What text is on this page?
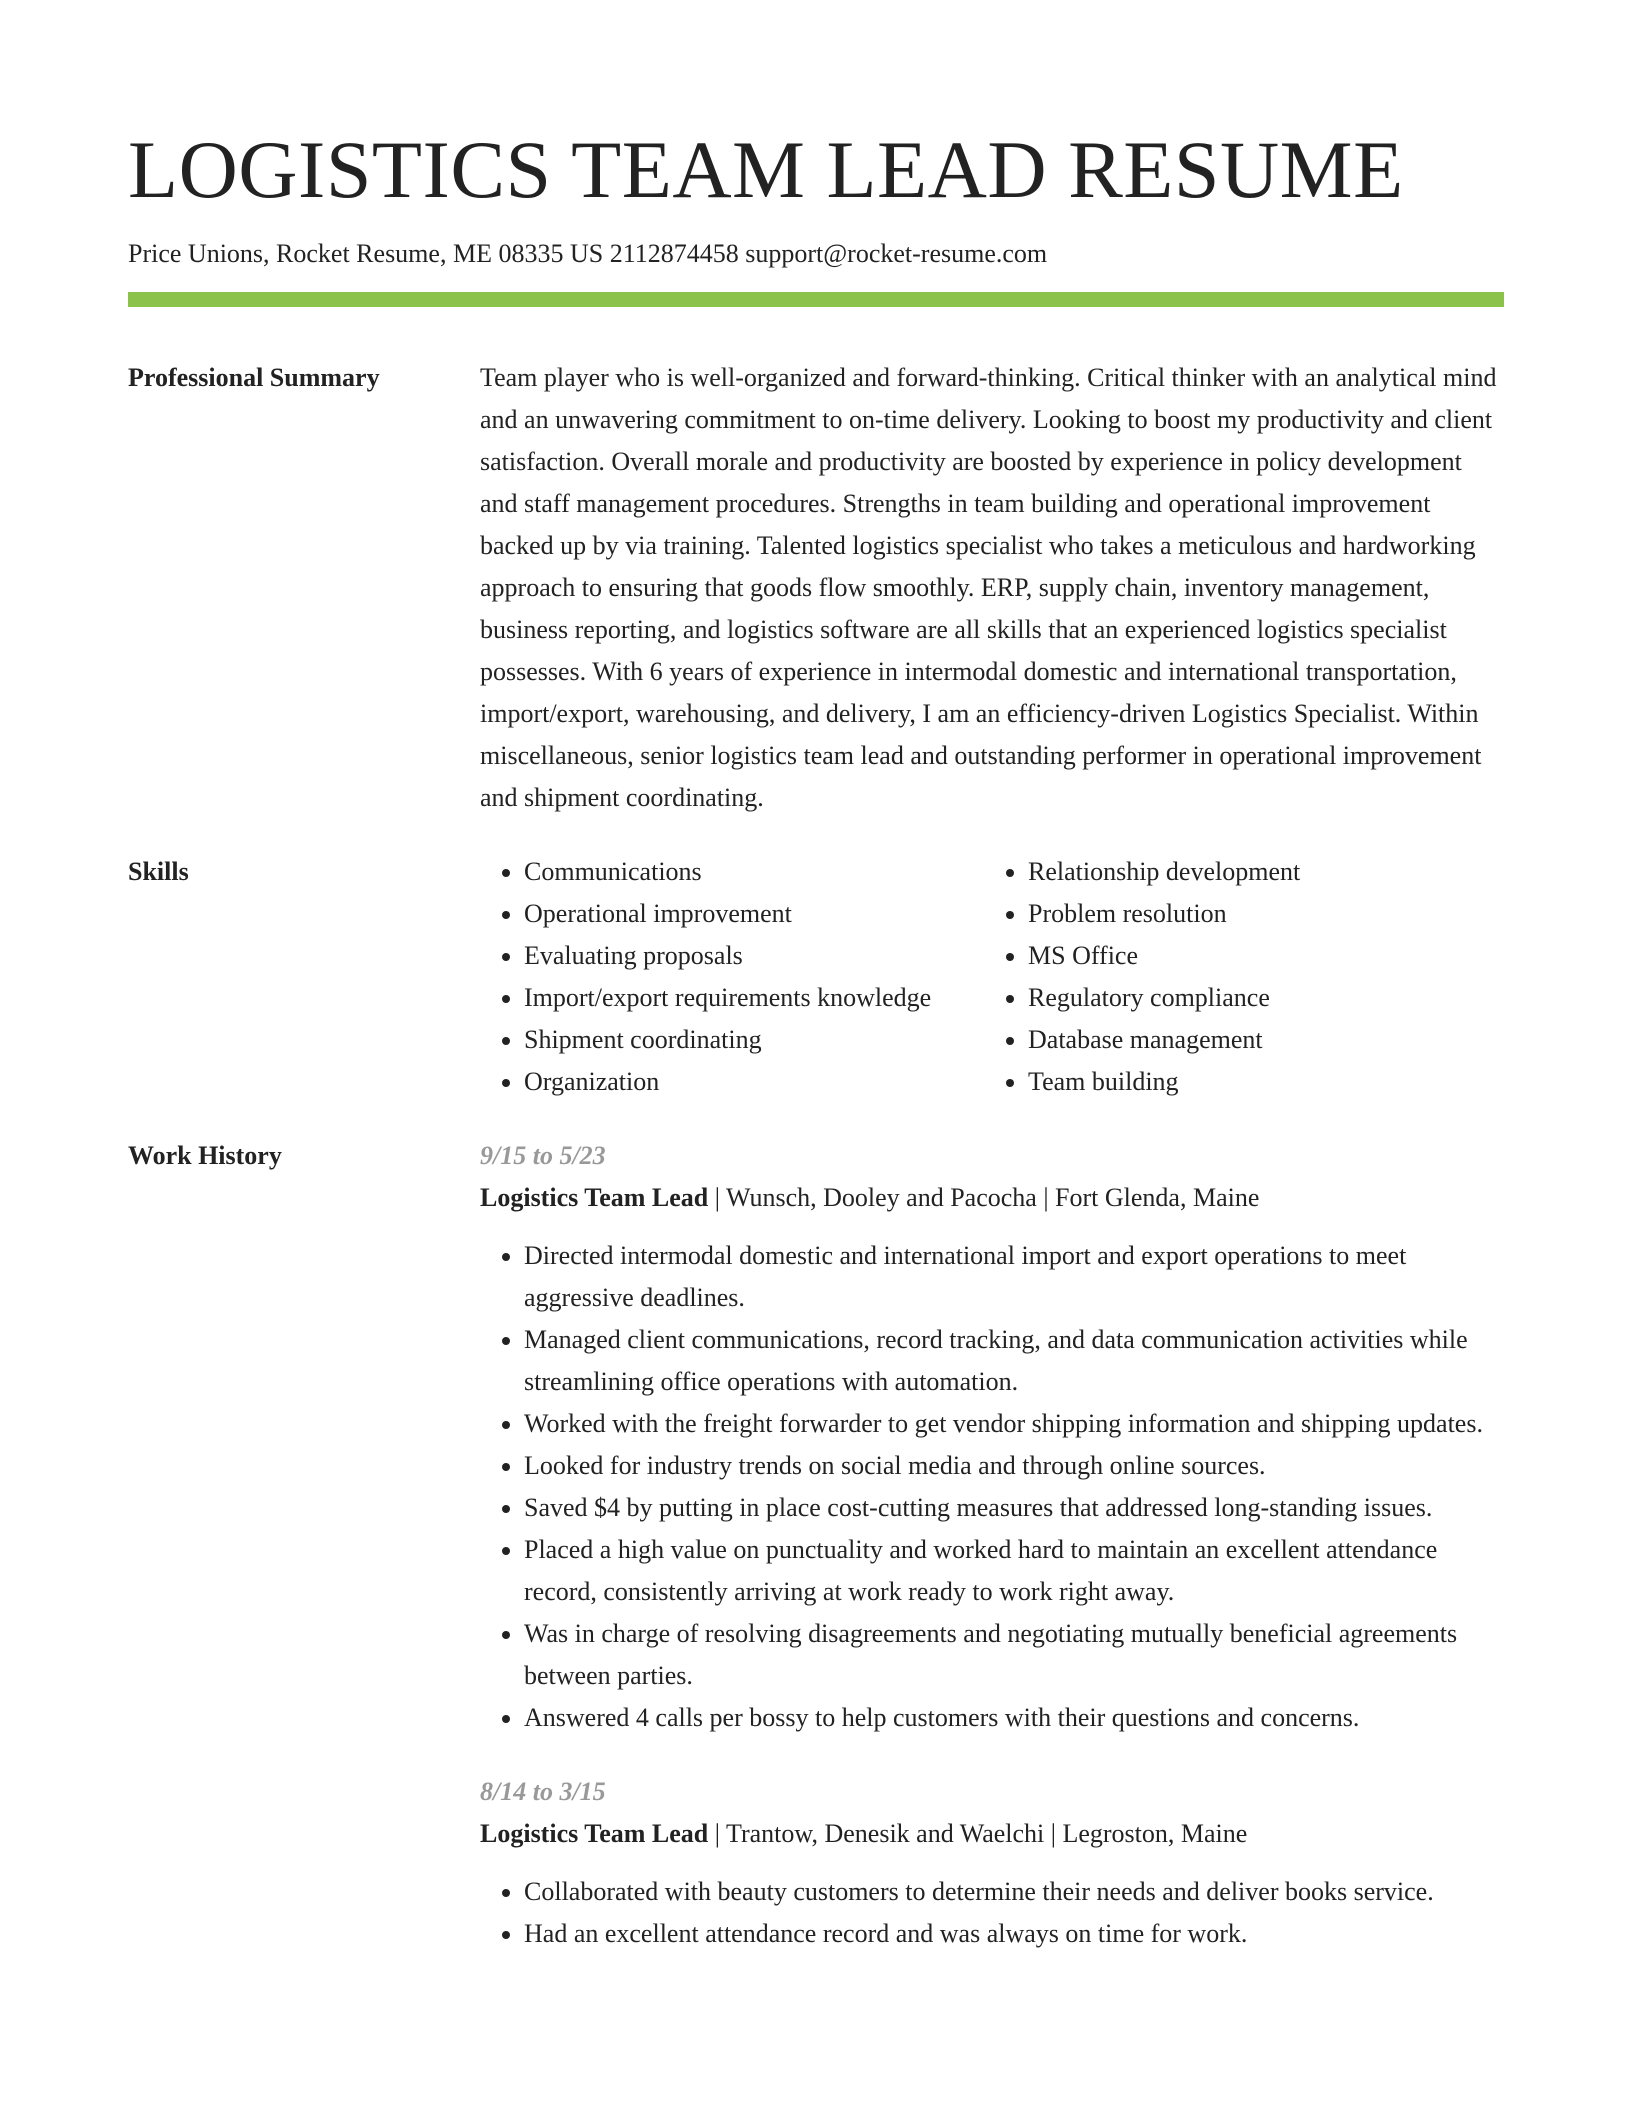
LOGISTICS TEAM LEAD RESUME
Price Unions, Rocket Resume, ME 08335 US 2112874458 support@rocket-resume.com
Professional Summary	Team player who is well-organized and forward-thinking. Critical thinker with an analytical mind and an unwavering commitment to on-time delivery. Looking to boost my productivity and client satisfaction. Overall morale and productivity are boosted by experience in policy development and staff management procedures. Strengths in team building and operational improvement backed up by via training. Talented logistics specialist who takes a meticulous and hardworking approach to ensuring that goods flow smoothly. ERP, supply chain, inventory management, business reporting, and logistics software are all skills that an experienced logistics specialist possesses. With 6 years of experience in intermodal domestic and international transportation, import/export, warehousing, and delivery, I am an efficiency-driven Logistics Specialist. Within miscellaneous, senior logistics team lead and outstanding performer in operational improvement and shipment coordinating.
Skills
•	Communications
• Operational improvement
• Evaluating proposals
• Import/export requirements knowledge
• Shipment coordinating
• Organization
• Relationship development
• Problem resolution
• MS Office
• Regulatory compliance
• Database management
• Team building
Work History	9/15 to 5/23
Logistics Team Lead | Wunsch, Dooley and Pacocha | Fort Glenda, Maine
• Directed intermodal domestic and international import and export operations to meet aggressive deadlines.
• Managed client communications, record tracking, and data communication activities while streamlining office operations with automation.
• Worked with the freight forwarder to get vendor shipping information and shipping updates.
• Looked for industry trends on social media and through online sources.
• Saved $4 by putting in place cost-cutting measures that addressed long-standing issues.
• Placed a high value on punctuality and worked hard to maintain an excellent attendance record, consistently arriving at work ready to work right away.
• Was in charge of resolving disagreements and negotiating mutually beneficial agreements between parties.
• Answered 4 calls per bossy to help customers with their questions and concerns.
8/14 to 3/15
Logistics Team Lead | Trantow, Denesik and Waelchi | Legroston, Maine
• Collaborated with beauty customers to determine their needs and deliver books service.
• Had an excellent attendance record and was always on time for work.
